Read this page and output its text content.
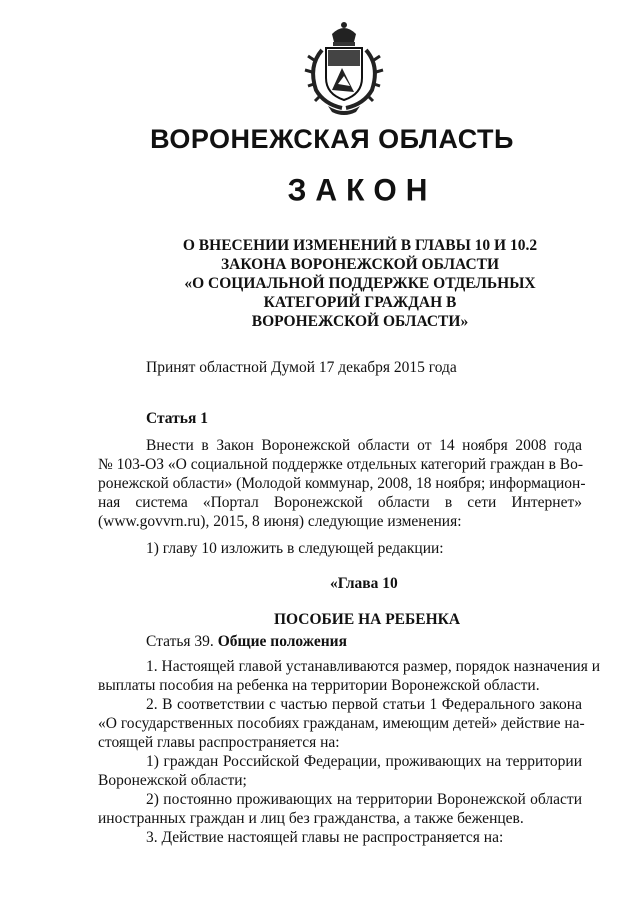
ВОРОНЕЖСКАЯ ОБЛАСТЬ
ЗАКОН
О ВНЕСЕНИИ ИЗМЕНЕНИЙ В ГЛАВЫ 10 И 10.2
ЗАКОНА ВОРОНЕЖСКОЙ ОБЛАСТИ
«О СОЦИАЛЬНОЙ ПОДДЕРЖКЕ ОТДЕЛЬНЫХ
КАТЕГОРИЙ ГРАЖДАН В
ВОРОНЕЖСКОЙ ОБЛАСТИ»
Принят областной Думой 17 декабря 2015 года
Статья 1
Внести в Закон Воронежской области от 14 ноября 2008 года
№ 103-ОЗ «О социальной поддержке отдельных категорий граждан в Во-
ронежской области» (Молодой коммунар, 2008, 18 ноября; информацион-
ная система «Портал Воронежской области в сети Интернет»
(www.govvrn.ru), 2015, 8 июня) следующие изменения:
1) главу 10 изложить в следующей редакции:
«Глава 10
ПОСОБИЕ НА РЕБЕНКА
Статья 39. Общие положения
1. Настоящей главой устанавливаются размер, порядок назначения и
выплаты пособия на ребенка на территории Воронежской области.
2. В соответствии с частью первой статьи 1 Федерального закона
«О государственных пособиях гражданам, имеющим детей» действие на-
стоящей главы распространяется на:
1) граждан Российской Федерации, проживающих на территории
Воронежской области;
2) постоянно проживающих на территории Воронежской области
иностранных граждан и лиц без гражданства, а также беженцев.
3. Действие настоящей главы не распространяется на:
